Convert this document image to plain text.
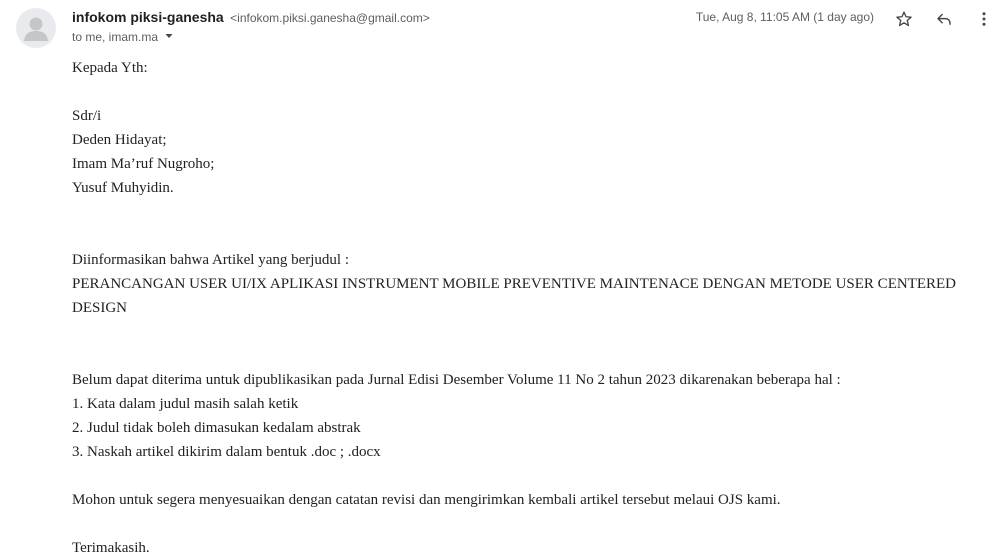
infokom piksi-ganesha <infokom.piksi.ganesha@gmail.com>
to me, imam.ma
Tue, Aug 8, 11:05 AM (1 day ago)

Kepada Yth:

Sdr/i

Deden Hidayat;

Imam Ma’ruf Nugroho;

Yusuf Muhyidin.

Diinformasikan bahwa Artikel yang berjudul :

PERANCANGAN USER UI/IX APLIKASI INSTRUMENT MOBILE PREVENTIVE MAINTENACE DENGAN METODE USER CENTERED DESIGN

Belum dapat diterima untuk dipublikasikan pada Jurnal Edisi Desember Volume 11 No 2 tahun 2023 dikarenakan beberapa hal :

1. Kata dalam judul masih salah ketik

2. Judul tidak boleh dimasukan kedalam abstrak

3. Naskah artikel dikirim dalam bentuk .doc ; .docx

Mohon untuk segera menyesuaikan dengan catatan revisi dan mengirimkan kembali artikel tersebut melaui OJS kami.

Terimakasih.
